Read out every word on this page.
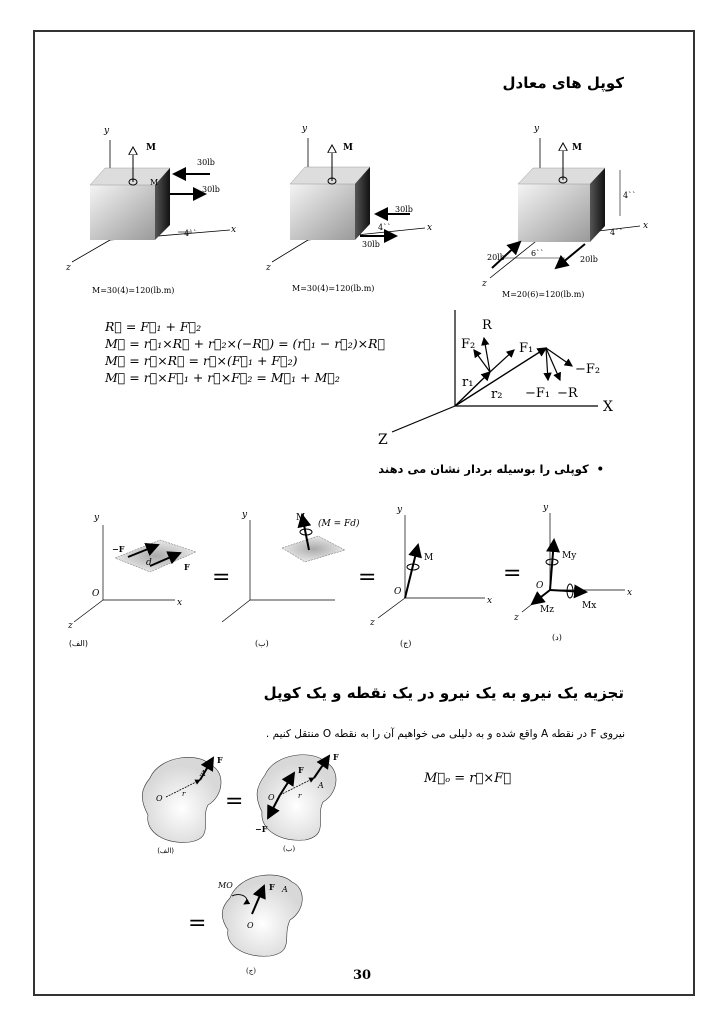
کوپل های معادل
y
x
z
M
M
30lb
30lb
4``
M=30(4)=120(lb.m)
y
x
z
M
30lb
30lb
4``
M=30(4)=120(lb.m)
y
x
z
M
4``
4``
6``
20lb	20lb
M=20(6)=120(lb.m)
R⃗ = F⃗₁ + F⃗₂
M⃗ = r⃗₁×R⃗ + r⃗₂×(−R⃗) = (r⃗₁ − r⃗₂)×R⃗
M⃗ = r⃗×R⃗ = r⃗×(F⃗₁ + F⃗₂)
M⃗ = r⃗×F⃗₁ + r⃗×F⃗₂ = M⃗₁ + M⃗₂
R
F₂	F₁
−F₂
−F₁ −R
r₁
r₂
X
Z
•  کوپلی را بوسیله بردار نشان می دهند
y
x
z
O
−F
F
d
=
y	M
(M = Fd)
=
y
x
z
O
M
=
y
x
z
O
My
Mx
Mz
(الف)	(ب)	(ج)
(د)
تجزیه یک نیرو به یک نیرو در یک نقطه و یک کوپل
نیروی F در نقطه A واقع شده و به دلیلی می خواهیم آن را به نقطه O منتقل کنیم .
F
A
O	r
(الف)
=
F
F
A
O	r
−F
(ب)
=
MO	F A
O
(ج)
M⃗ₒ = r⃗×F⃗
30
